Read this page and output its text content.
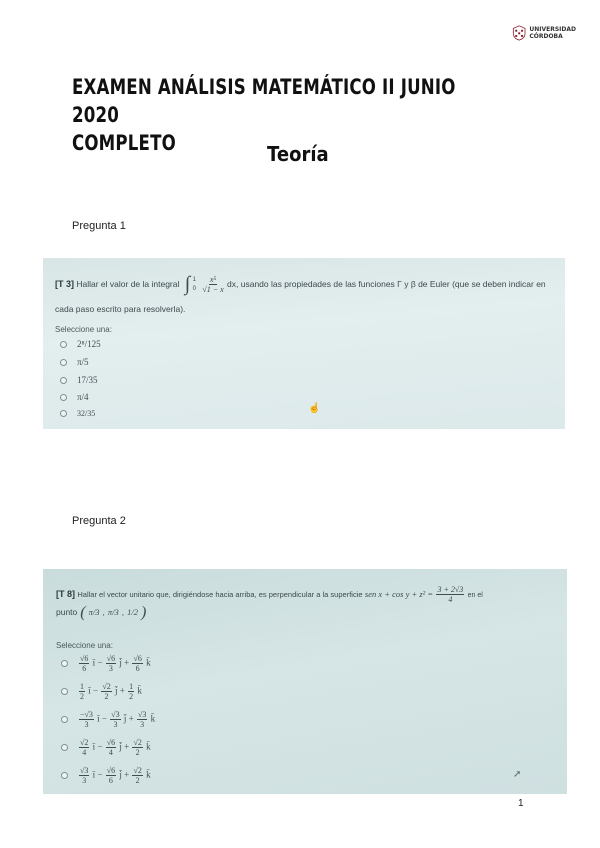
UNIVERSIDAD
CÓRDOBA
EXAMEN ANÁLISIS MATEMÁTICO II JUNIO 2020
COMPLETO	Teoría
Pregunta 1
[T 3] Hallar el valor de la integral ∫ 1
0
$\frac{\text{x⁵}}{√1 - x}$ dx, usando las propiedades de las funciones Γ y β de Euler (que se deben indicar en
cada paso escrito para resolverla).
Seleccione una:
2⁸/125
π/5
17/35
π/4
32/35	☝
Pregunta 2
[T 8] Hallar el vector unitario que, dirigiéndose hacia arriba, es perpendicular a la superficie sen $x + \cos y + z^2 = \frac{3 + 2√3}{4}$ en el
punto ( π/3 , π/3 , 1/2 )
Seleccione una:
$\frac{√6}{6}$ ī − $\frac{√6}{3}$ j̄ + $\frac{√6}{6}$ k̄
$\frac{1}{2}$ ī − $\frac{√2}{2}$ j̄ + $\frac{1}{2}$ k̄
$\frac{-√3}{3}$ ī − $\frac{√3}{3}$ j̄ + $\frac{√3}{3}$ k̄
$\frac{√2}{4}$ ī − $\frac{√6}{4}$ j̄ + $\frac{√2}{2}$ k̄
$\frac{√3}{3}$ ī − $\frac{√6}{6}$ j̄ + $\frac{√2}{2}$ k̄	➚
1
